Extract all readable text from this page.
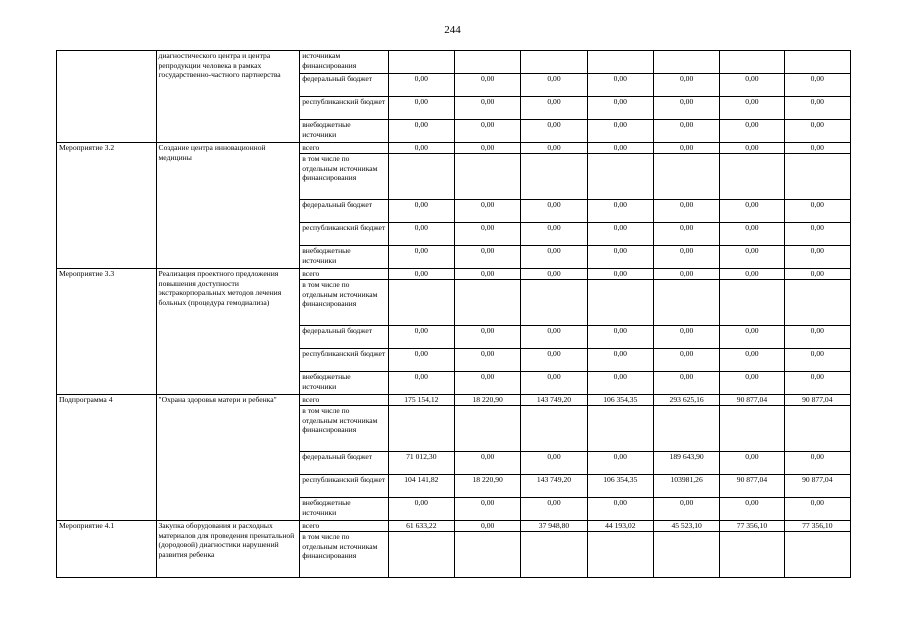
244
	диагностического центра и центра репродукции человека в рамках государственно-частного партнерства	источникам финансирования							
		федеральный бюджет	0,00	0,00	0,00	0,00	0,00	0,00	0,00
		республиканский бюджет	0,00	0,00	0,00	0,00	0,00	0,00	0,00
		внебюджетные источники	0,00	0,00	0,00	0,00	0,00	0,00	0,00
Мероприятие 3.2	Создание центра инновационной медицины	всего	0,00	0,00	0,00	0,00	0,00	0,00	0,00
		в том числе по отдельным источникам финансирования							
		федеральный бюджет	0,00	0,00	0,00	0,00	0,00	0,00	0,00
		республиканский бюджет	0,00	0,00	0,00	0,00	0,00	0,00	0,00
		внебюджетные источники	0,00	0,00	0,00	0,00	0,00	0,00	0,00
Мероприятие 3.3	Реализация проектного предложения повышения доступности экстракорпоральных методов лечения больных (процедура гемодиализа)	всего	0,00	0,00	0,00	0,00	0,00	0,00	0,00
		в том числе по отдельным источникам финансирования							
		федеральный бюджет	0,00	0,00	0,00	0,00	0,00	0,00	0,00
		республиканский бюджет	0,00	0,00	0,00	0,00	0,00	0,00	0,00
		внебюджетные источники	0,00	0,00	0,00	0,00	0,00	0,00	0,00
Подпрограмма 4	"Охрана здоровья матери и ребенка"	всего	175 154,12	18 220,90	143 749,20	106 354,35	293 625,16	90 877,04	90 877,04
		в том числе по отдельным источникам финансирования							
		федеральный бюджет	71 012,30	0,00	0,00	0,00	189 643,90	0,00	0,00
		республиканский бюджет	104 141,82	18 220,90	143 749,20	106 354,35	103981,26	90 877,04	90 877,04
		внебюджетные источники	0,00	0,00	0,00	0,00	0,00	0,00	0,00
Мероприятие 4.1	Закупка оборудования и расходных материалов для проведения пренатальной (дородовой) диагностики нарушений развития ребенка	всего	61 633,22	0,00	37 948,80	44 193,02	45 523,10	77 356,10	77 356,10
		в том числе по отдельным источникам финансирования							
